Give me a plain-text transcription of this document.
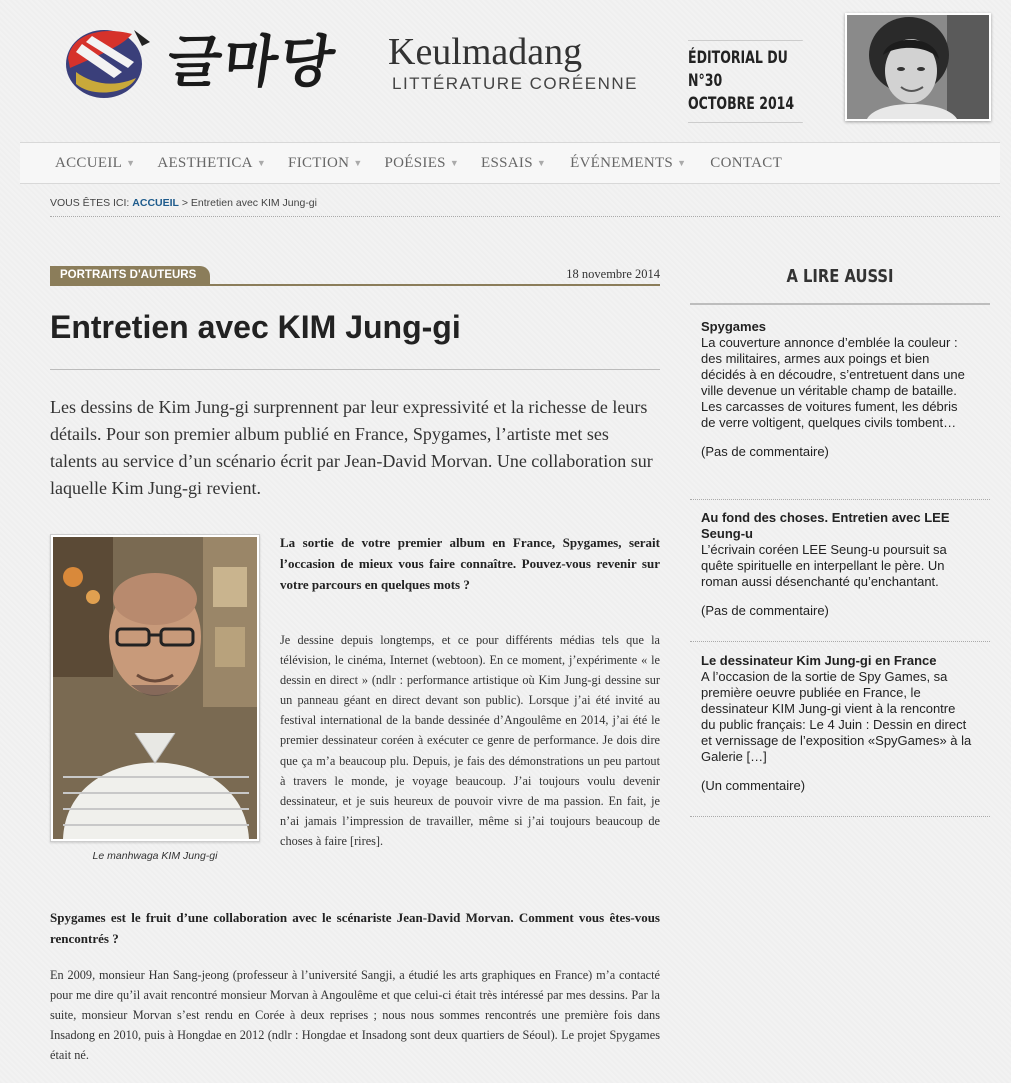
글마당 Keulmadang
LITTÉRATURE CORÉENNE
ÉDITORIAL DU N°30
OCTOBRE 2014
ACCUEIL ▼ AESTHETICA ▼ FICTION ▼ POÉSIES ▼ ESSAIS ▼ ÉVÉNEMENTS ▼ CONTACT
VOUS ÊTES ICI: ACCUEIL > Entretien avec KIM Jung-gi
PORTRAITS D'AUTEURS	18 novembre 2014
Entretien avec KIM Jung-gi

Les dessins de Kim Jung-gi surprennent par leur expressivité et la richesse de leurs détails. Pour son premier album publié en France, Spygames, l’artiste met ses talents au service d’un scénario écrit par Jean-David Morvan. Une collaboration sur laquelle Kim Jung-gi revient.

Le manhwaga KIM Jung-gi

La sortie de votre premier album en France, Spygames, serait l’occasion de mieux vous faire connaître. Pouvez-vous revenir sur votre parcours en quelques mots ?

Je dessine depuis longtemps, et ce pour différents médias tels que la télévision, le cinéma, Internet (webtoon). En ce moment, j’expérimente « le dessin en direct » (ndlr : performance artistique où Kim Jung-gi dessine sur un panneau géant en direct devant son public). Lorsque j’ai été invité au festival international de la bande dessinée d’Angoulême en 2014, j’ai été le premier dessinateur coréen à exécuter ce genre de performance. Je dois dire que ça m’a beaucoup plu. Depuis, je fais des démonstrations un peu partout à travers le monde, je voyage beaucoup. J’ai toujours voulu devenir dessinateur, et je suis heureux de pouvoir vivre de ma passion. En fait, je n’ai jamais l’impression de travailler, même si j’ai toujours beaucoup de choses à faire [rires].

Spygames est le fruit d’une collaboration avec le scénariste Jean-David Morvan. Comment vous êtes-vous rencontrés ?

En 2009, monsieur Han Sang-jeong (professeur à l’université Sangji, a étudié les arts graphiques en France) m’a contacté pour me dire qu’il avait rencontré monsieur Morvan à Angoulême et que celui-ci était très intéressé par mes dessins. Par la suite, monsieur Morvan s’est rendu en Corée à deux reprises ; nous nous sommes rencontrés une première fois dans Insadong en 2010, puis à Hongdae en 2012 (ndlr : Hongdae et Insadong sont deux quartiers de Séoul). Le projet Spygames était né.

A LIRE AUSSI
Spygames

La couverture annonce d’emblée la couleur : des militaires, armes aux poings et bien décidés à en découdre, s’entretuent dans une ville devenue un véritable champ de bataille. Les carcasses de voitures fument, les débris de verre voltigent, quelques civils tombent…

(Pas de commentaire)
Au fond des choses. Entretien avec LEE Seung-u

L’écrivain coréen LEE Seung-u poursuit sa quête spirituelle en interpellant le père. Un roman aussi désenchanté qu’enchantant.

(Pas de commentaire)
Le dessinateur Kim Jung-gi en France

A l’occasion de la sortie de Spy Games, sa première oeuvre publiée en France, le dessinateur KIM Jung-gi vient à la rencontre du public français: Le 4 Juin : Dessin en direct et vernissage de l’exposition «SpyGames» à la Galerie […]

(Un commentaire)
